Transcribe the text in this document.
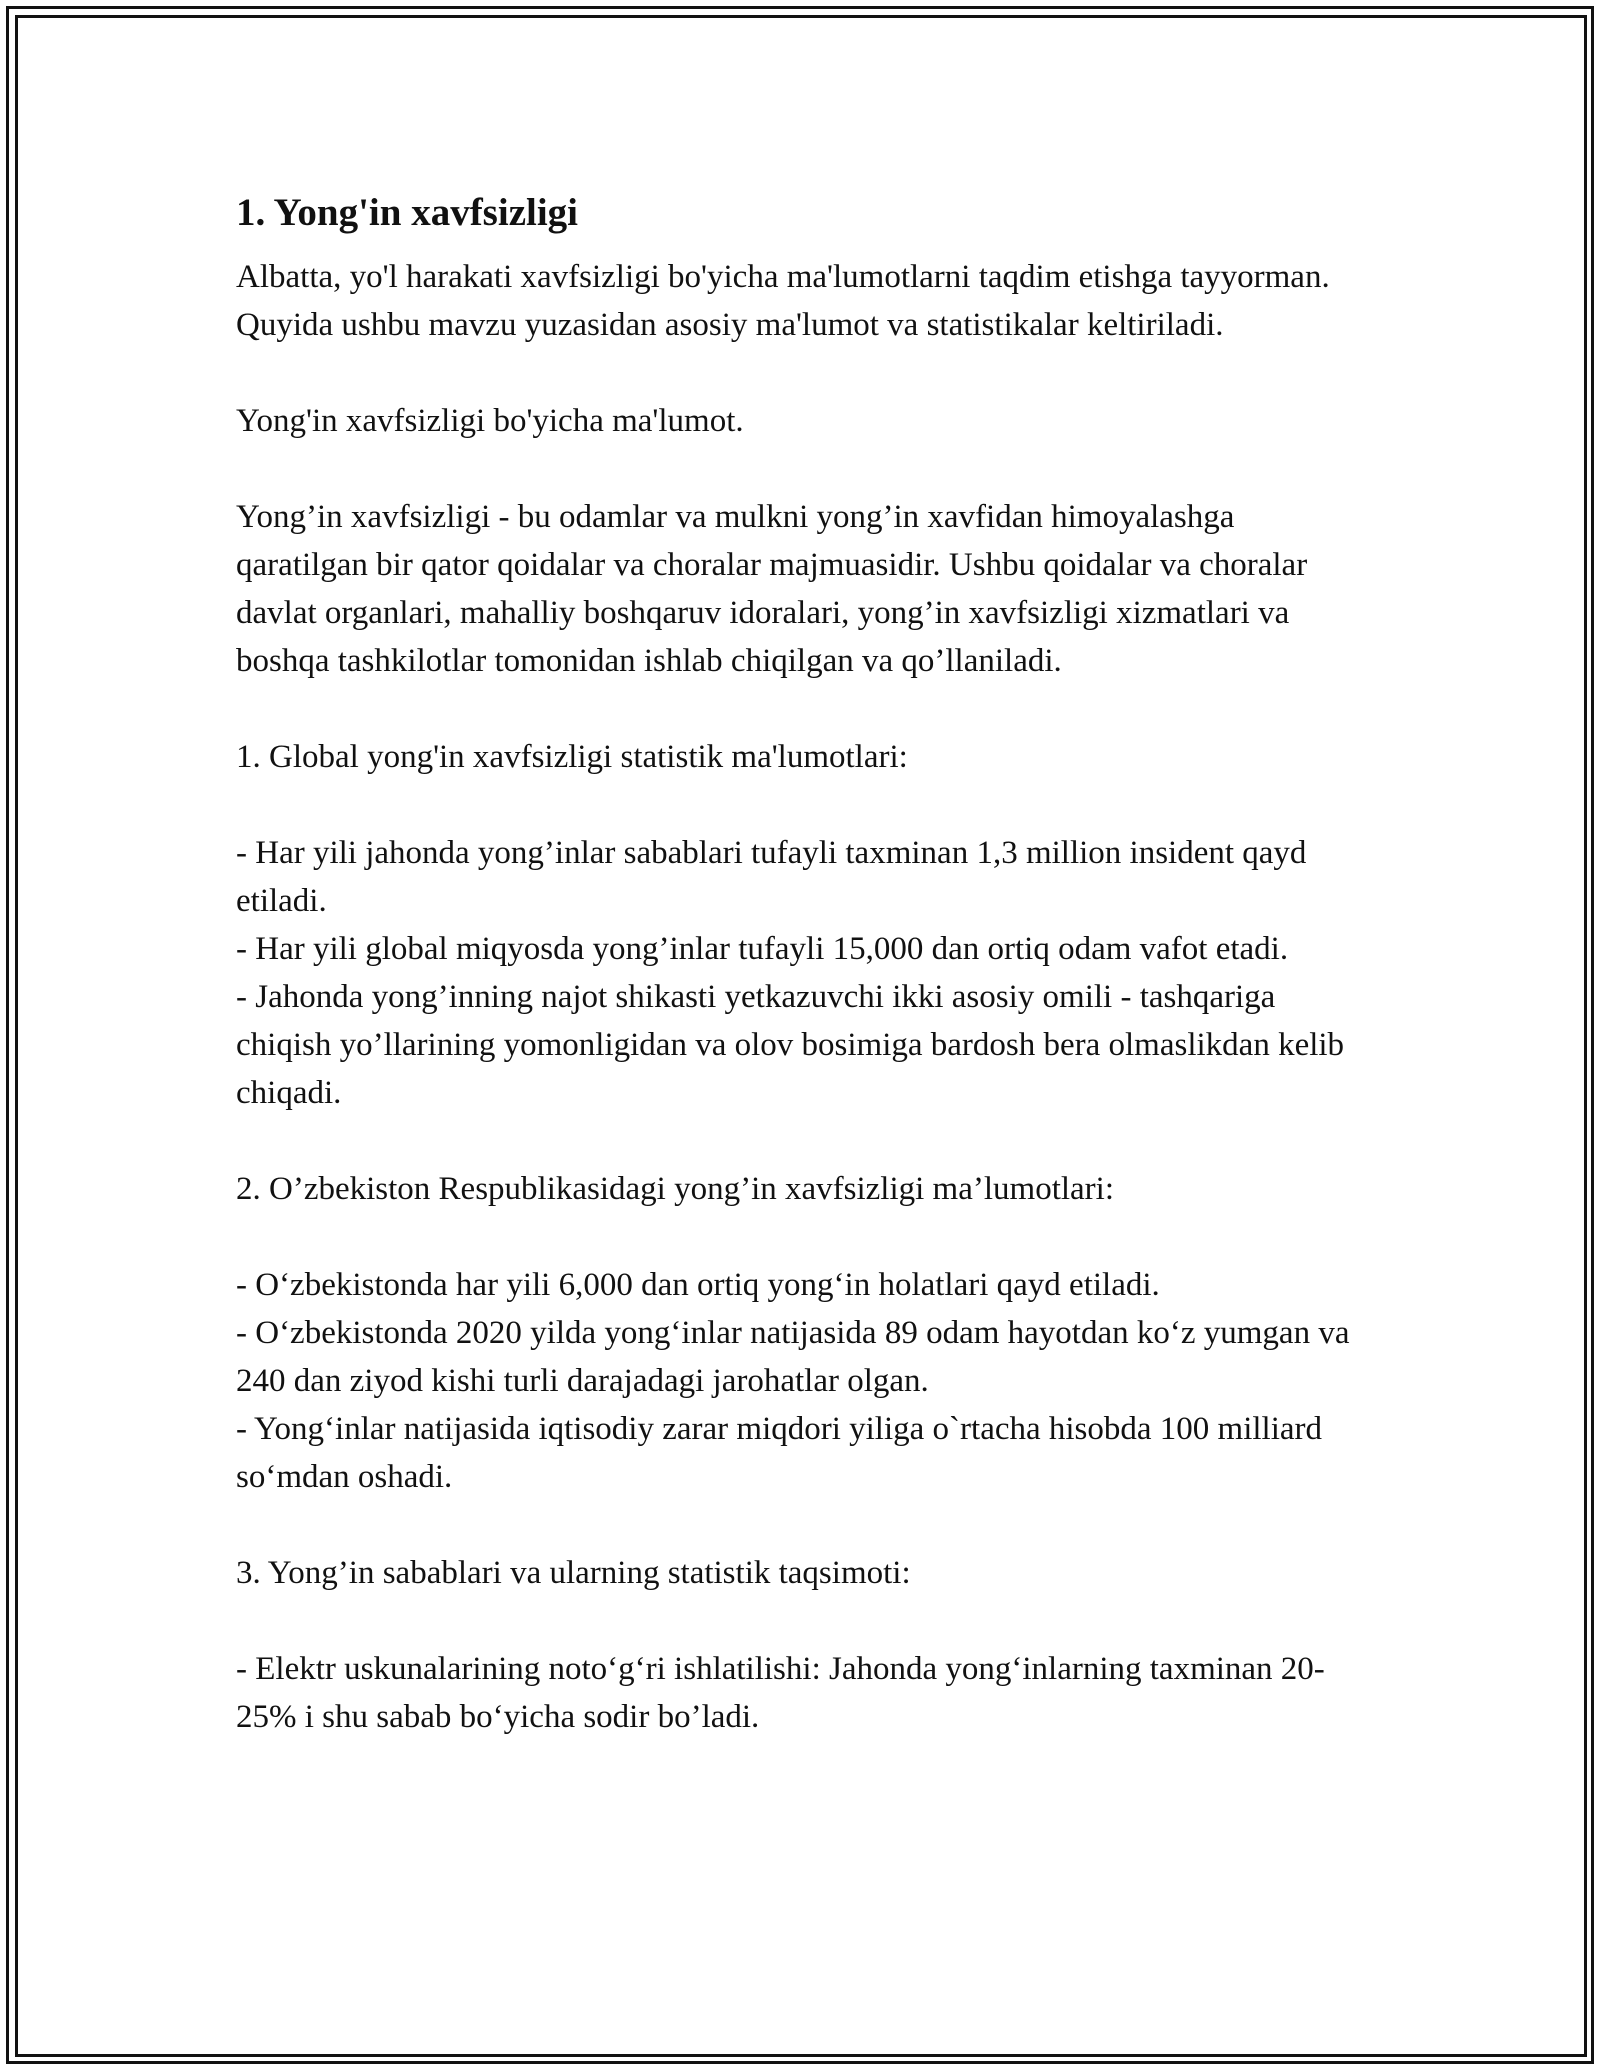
1. Yong'in xavfsizligi

Albatta, yo'l harakati xavfsizligi bo'yicha ma'lumotlarni taqdim etishga tayyorman. Quyida ushbu mavzu yuzasidan asosiy ma'lumot va statistikalar keltiriladi.

Yong'in xavfsizligi bo'yicha ma'lumot.

Yong’in xavfsizligi - bu odamlar va mulkni yong’in xavfidan himoyalashga qaratilgan bir qator qoidalar va choralar majmuasidir. Ushbu qoidalar va choralar davlat organlari, mahalliy boshqaruv idoralari, yong’in xavfsizligi xizmatlari va boshqa tashkilotlar tomonidan ishlab chiqilgan va qo’llaniladi.

1. Global yong'in xavfsizligi statistik ma'lumotlari:

- Har yili jahonda yong’inlar sabablari tufayli taxminan 1,3 million insident qayd etiladi.

- Har yili global miqyosda yong’inlar tufayli 15,000 dan ortiq odam vafot etadi.

- Jahonda yong’inning najot shikasti yetkazuvchi ikki asosiy omili - tashqariga chiqish yo’llarining yomonligidan va olov bosimiga bardosh bera olmaslikdan kelib chiqadi.

2. O’zbekiston Respublikasidagi yong’in xavfsizligi ma’lumotlari:

- O‘zbekistonda har yili 6,000 dan ortiq yong‘in holatlari qayd etiladi.

- O‘zbekistonda 2020 yilda yong‘inlar natijasida 89 odam hayotdan ko‘z yumgan va 240 dan ziyod kishi turli darajadagi jarohatlar olgan.

- Yong‘inlar natijasida iqtisodiy zarar miqdori yiliga o`rtacha hisobda 100 milliard so‘mdan oshadi.

3. Yong’in sabablari va ularning statistik taqsimoti:

- Elektr uskunalarining noto‘g‘ri ishlatilishi: Jahonda yong‘inlarning taxminan 20-25% i shu sabab bo‘yicha sodir bo’ladi.
